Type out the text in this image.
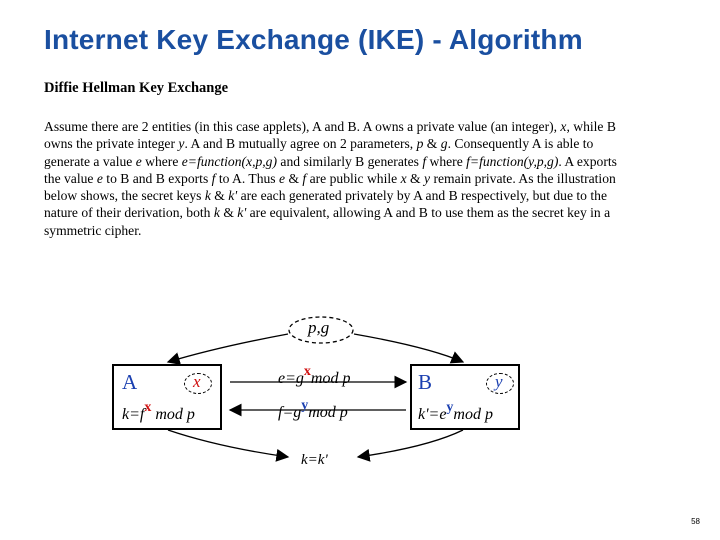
Internet Key Exchange (IKE) - Algorithm
Diffie Hellman Key Exchange
Assume there are 2 entities (in this case applets), A and B. A owns a private value (an integer), x, while B owns the private integer y. A and B mutually agree on 2 parameters, p & g. Consequently A is able to generate a value e where e=function(x,p,g) and similarly B generates f where f=function(y,p,g). A exports the value e to B and B exports f to A. Thus e & f are public while x & y remain private. As the illustration below shows, the secret keys k & k' are each generated privately by A and B respectively, but due to the nature of their derivation, both k & k' are equivalent, allowing A and B to use them as the secret key in a symmetric cipher.
p,g
A	x
k=fx mod p
B	y
k'=eymod p
e=gxmod p
f=gymod p
k=k'
58
